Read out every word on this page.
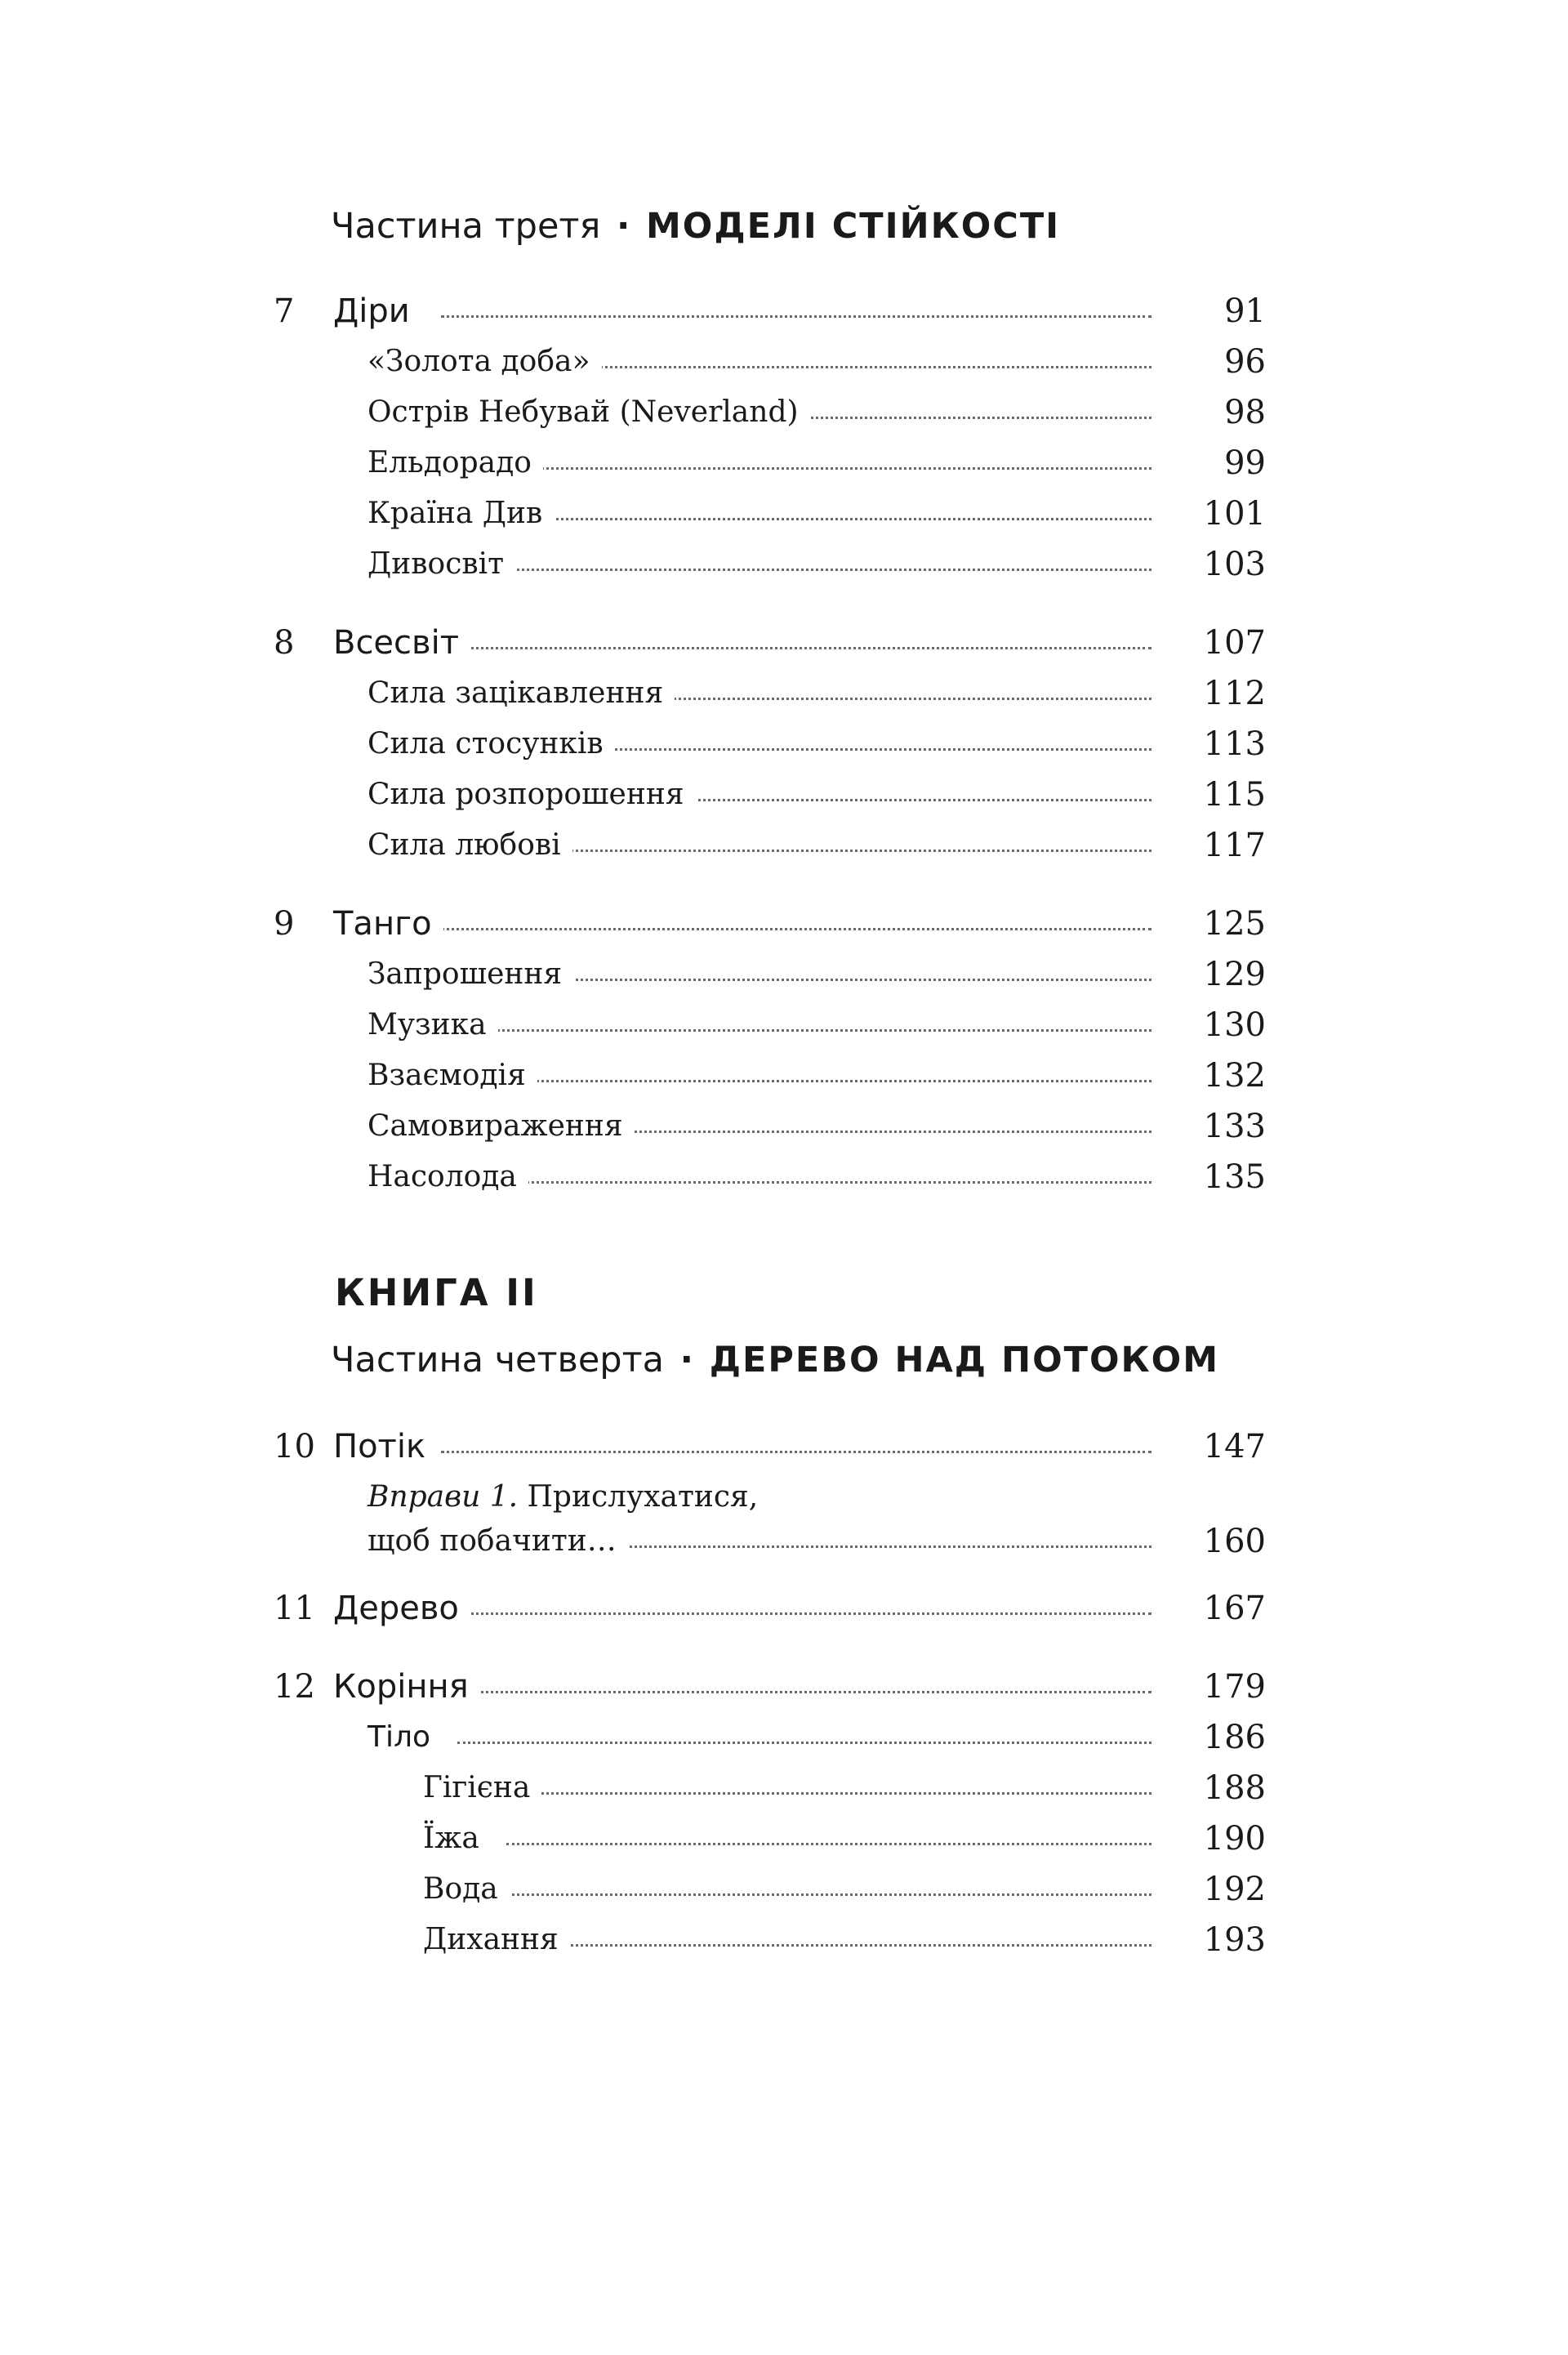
Частина третя · МОДЕЛІ СТІЙКОСТІ
7	Діри	91
«Золота доба»	96
Острів Небувай (Neverland)	98
Ельдорадо	99
Країна Див	101
Дивосвіт	103
8	Всесвіт	107
Сила зацікавлення	112
Сила стосунків	113
Сила розпорошення	115
Сила любові	117
9	Танго	125
Запрошення	129
Музика	130
Взаємодія	132
Самовираження	133
Насолода	135
КНИГА II
Частина четверта · ДЕРЕВО НАД ПОТОКОМ
10 Потік	147
Вправи 1. Прислухатися,
щоб побачити…	160
11 Дерево	167
12 Коріння	179
Тіло	186
Гігієна	188
Їжа	190
Вода	192
Дихання	193
